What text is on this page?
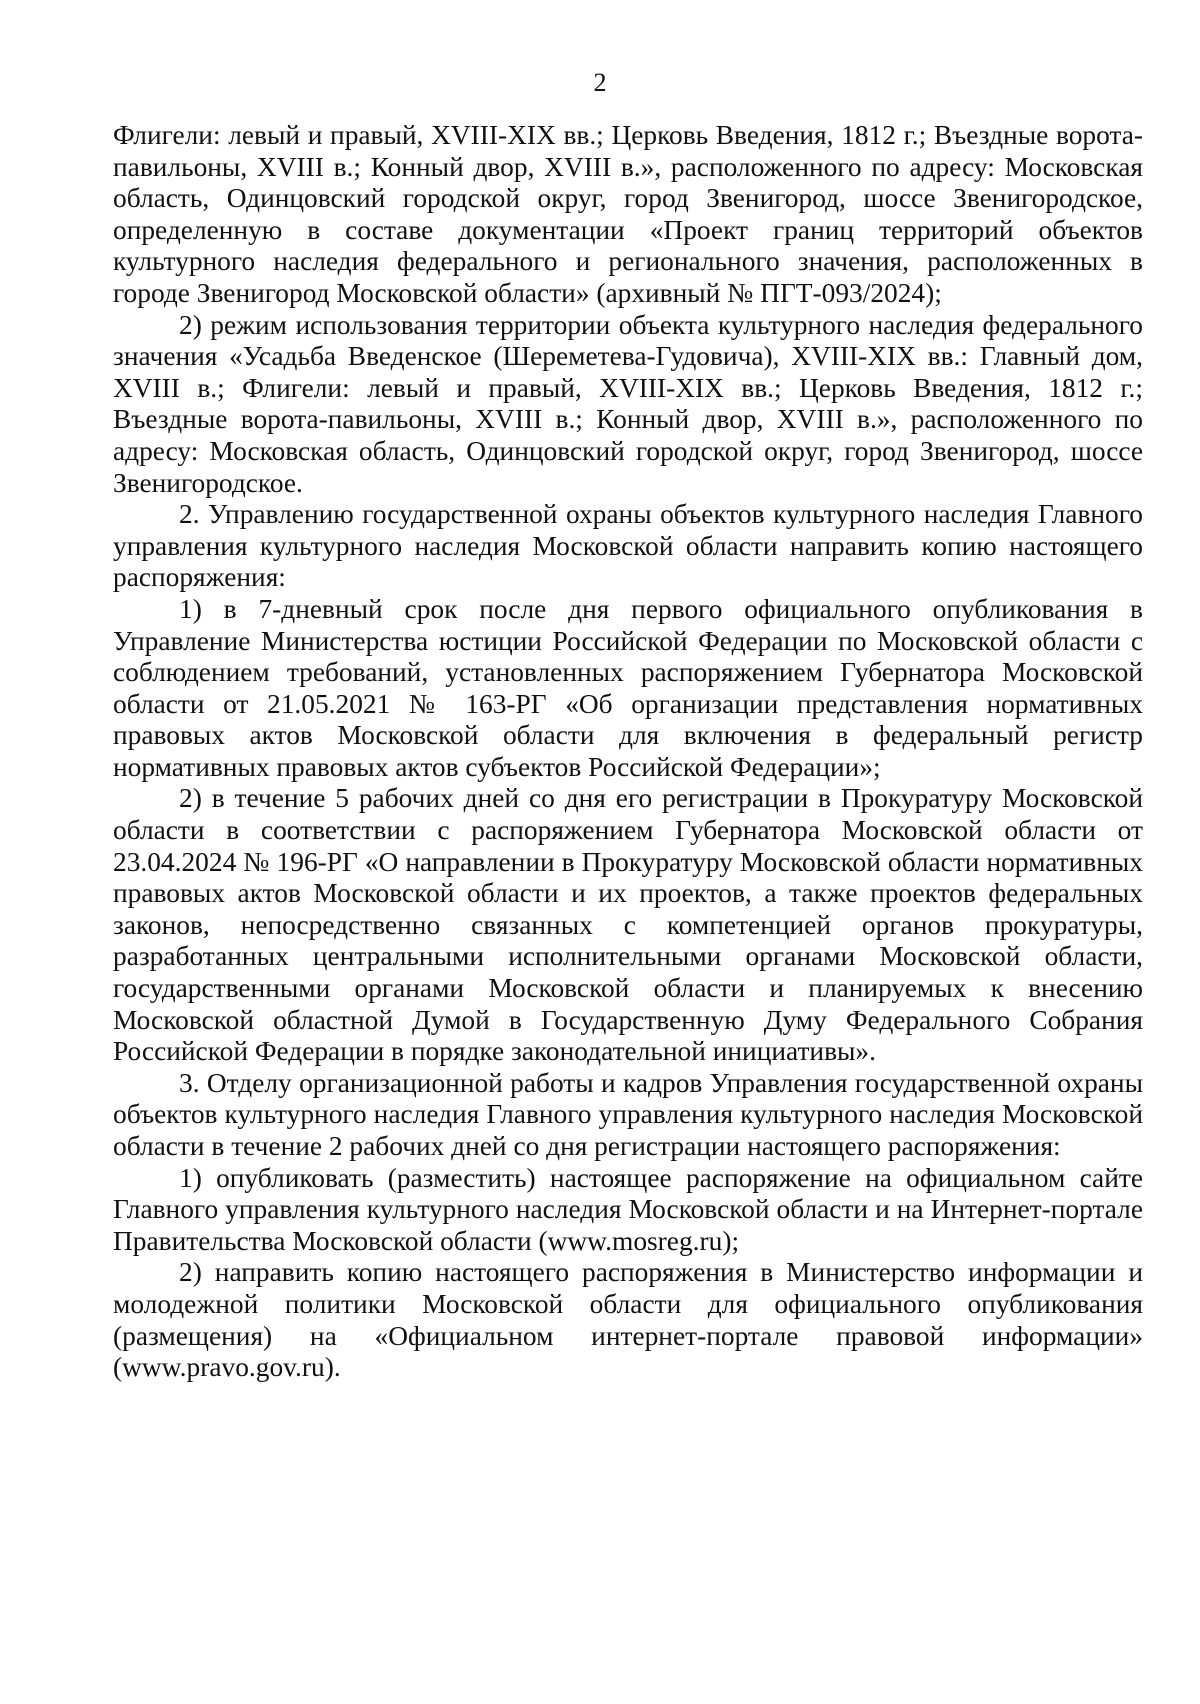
2

Флигели: левый и правый, XVIII-XIX вв.; Церковь Введения, 1812 г.; Въездные ворота-павильоны, XVIII в.; Конный двор, XVIII в.», расположенного по адресу: Московская область, Одинцовский городской округ, город Звенигород, шоссе Звенигородское, определенную в составе документации «Проект границ территорий объектов культурного наследия федерального и регионального значения, расположенных в городе Звенигород Московской области» (архивный № ПГТ-093/2024);

2) режим использования территории объекта культурного наследия федерального значения «Усадьба Введенское (Шереметева-Гудовича), XVIII-XIX вв.: Главный дом, XVIII в.; Флигели: левый и правый, XVIII-XIX вв.; Церковь Введения, 1812 г.; Въездные ворота-павильоны, XVIII в.; Конный двор, XVIII в.», расположенного по адресу: Московская область, Одинцовский городской округ, город Звенигород, шоссе Звенигородское.

2. Управлению государственной охраны объектов культурного наследия Главного управления культурного наследия Московской области направить копию настоящего распоряжения:

1) в 7-дневный срок после дня первого официального опубликования в Управление Министерства юстиции Российской Федерации по Московской области с соблюдением требований, установленных распоряжением Губернатора Московской области от 21.05.2021 № 163-РГ «Об организации представления нормативных правовых актов Московской области для включения в федеральный регистр нормативных правовых актов субъектов Российской Федерации»;

2) в течение 5 рабочих дней со дня его регистрации в Прокуратуру Московской области в соответствии с распоряжением Губернатора Московской области от 23.04.2024 № 196-РГ «О направлении в Прокуратуру Московской области нормативных правовых актов Московской области и их проектов, а также проектов федеральных законов, непосредственно связанных с компетенцией органов прокуратуры, разработанных центральными исполнительными органами Московской области, государственными органами Московской области и планируемых к внесению Московской областной Думой в Государственную Думу Федерального Собрания Российской Федерации в порядке законодательной инициативы».

3. Отделу организационной работы и кадров Управления государственной охраны объектов культурного наследия Главного управления культурного наследия Московской области в течение 2 рабочих дней со дня регистрации настоящего распоряжения:

1) опубликовать (разместить) настоящее распоряжение на официальном сайте Главного управления культурного наследия Московской области и на Интернет-портале Правительства Московской области (www.mosreg.ru);

2) направить копию настоящего распоряжения в Министерство информации и молодежной политики Московской области для официального опубликования (размещения) на «Официальном интернет-портале правовой информации» (www.pravo.gov.ru).
